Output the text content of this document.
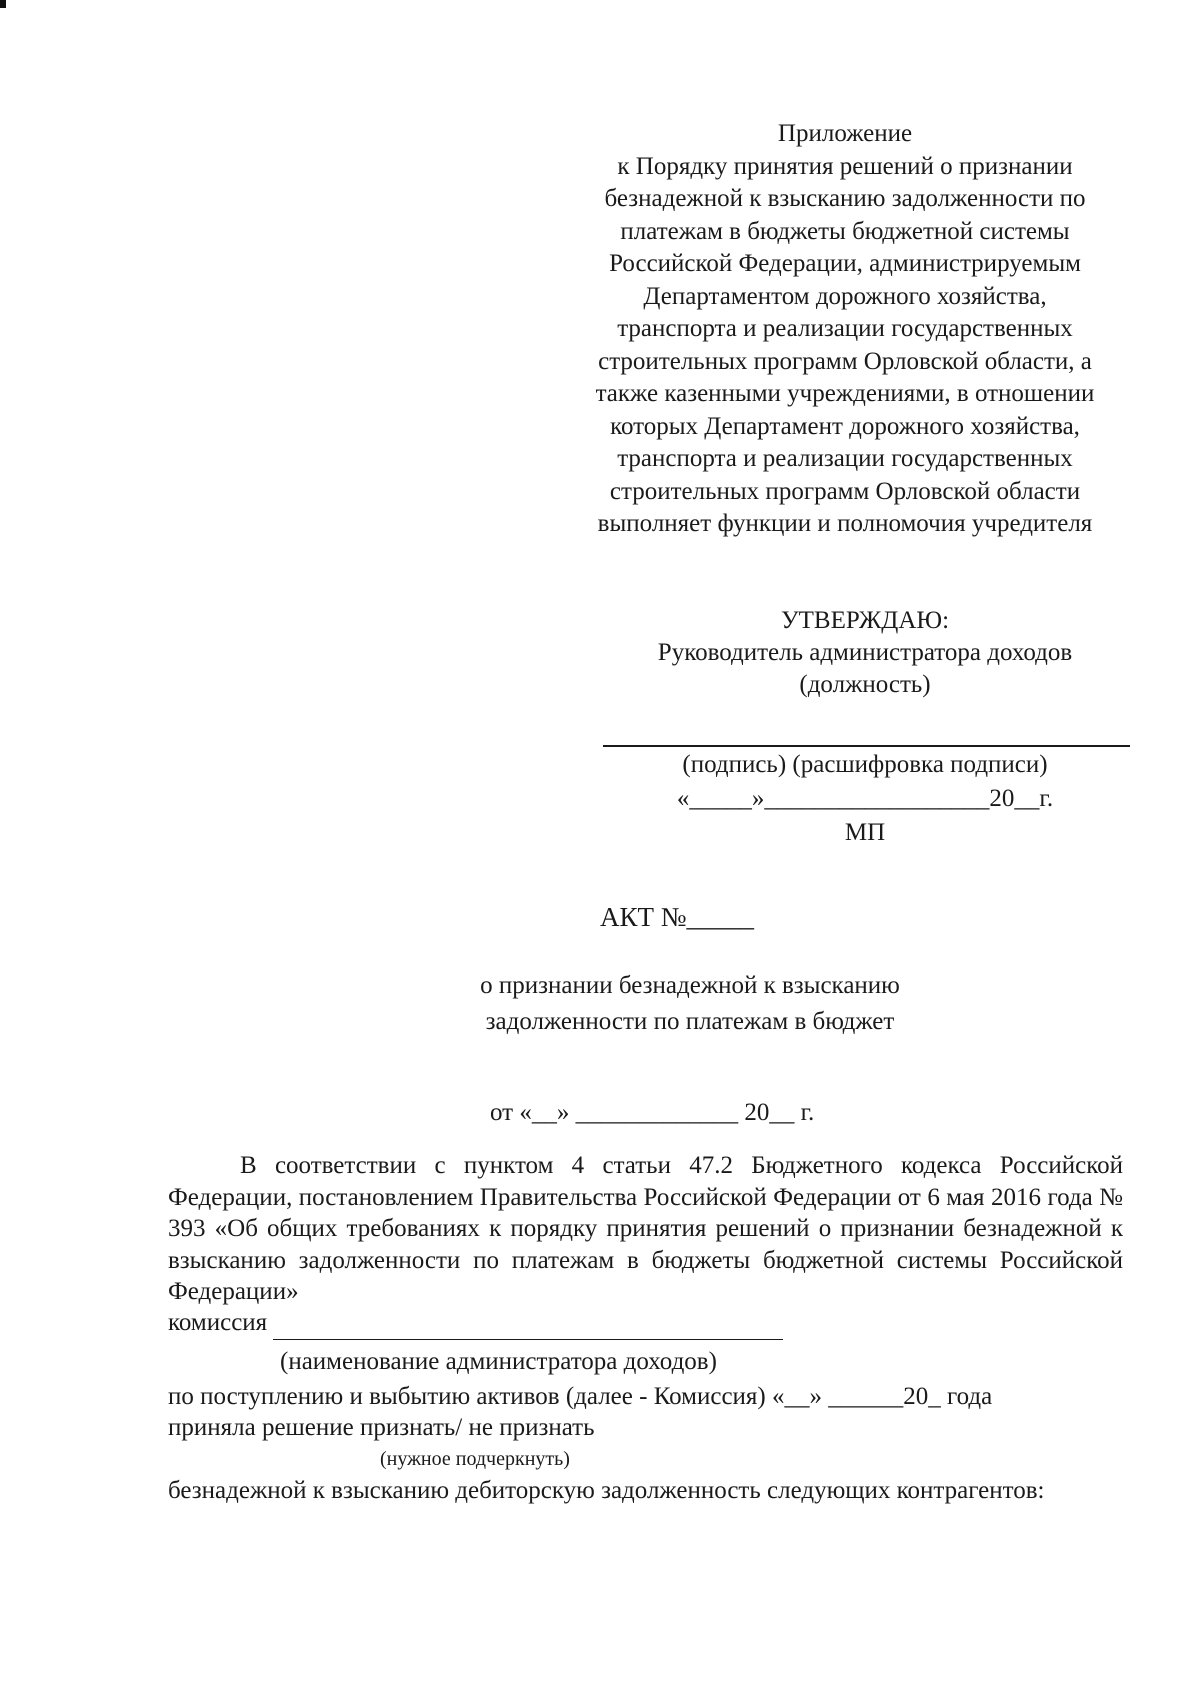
Приложение
к Порядку принятия решений о признании
безнадежной к взысканию задолженности по
платежам в бюджеты бюджетной системы
Российской Федерации, администрируемым
Департаментом дорожного хозяйства,
транспорта и реализации государственных
строительных программ Орловской области, а
также казенными учреждениями, в отношении
которых Департамент дорожного хозяйства,
транспорта и реализации государственных
строительных программ Орловской области
выполняет функции и полномочия учредителя
УТВЕРЖДАЮ:
Руководитель администратора доходов
(должность)
(подпись) (расшифровка подписи)
«_____»__________________20__г.
МП
АКТ №_____
о признании безнадежной к взысканию
задолженности по платежам в бюджет
от «__» _____________ 20__ г.
В соответствии с пунктом 4 статьи 47.2 Бюджетного кодекса Российской Федерации, постановлением Правительства Российской Федерации от 6 мая 2016 года № 393 «Об общих требованиях к порядку принятия решений о признании безнадежной к взысканию задолженности по платежам в бюджеты бюджетной системы Российской Федерации»
комиссия
(наименование администратора доходов)
по поступлению и выбытию активов (далее - Комиссия) «__» ______20_ года
приняла решение признать/ не признать
(нужное подчеркнуть)
безнадежной к взысканию дебиторскую задолженность следующих контрагентов:
